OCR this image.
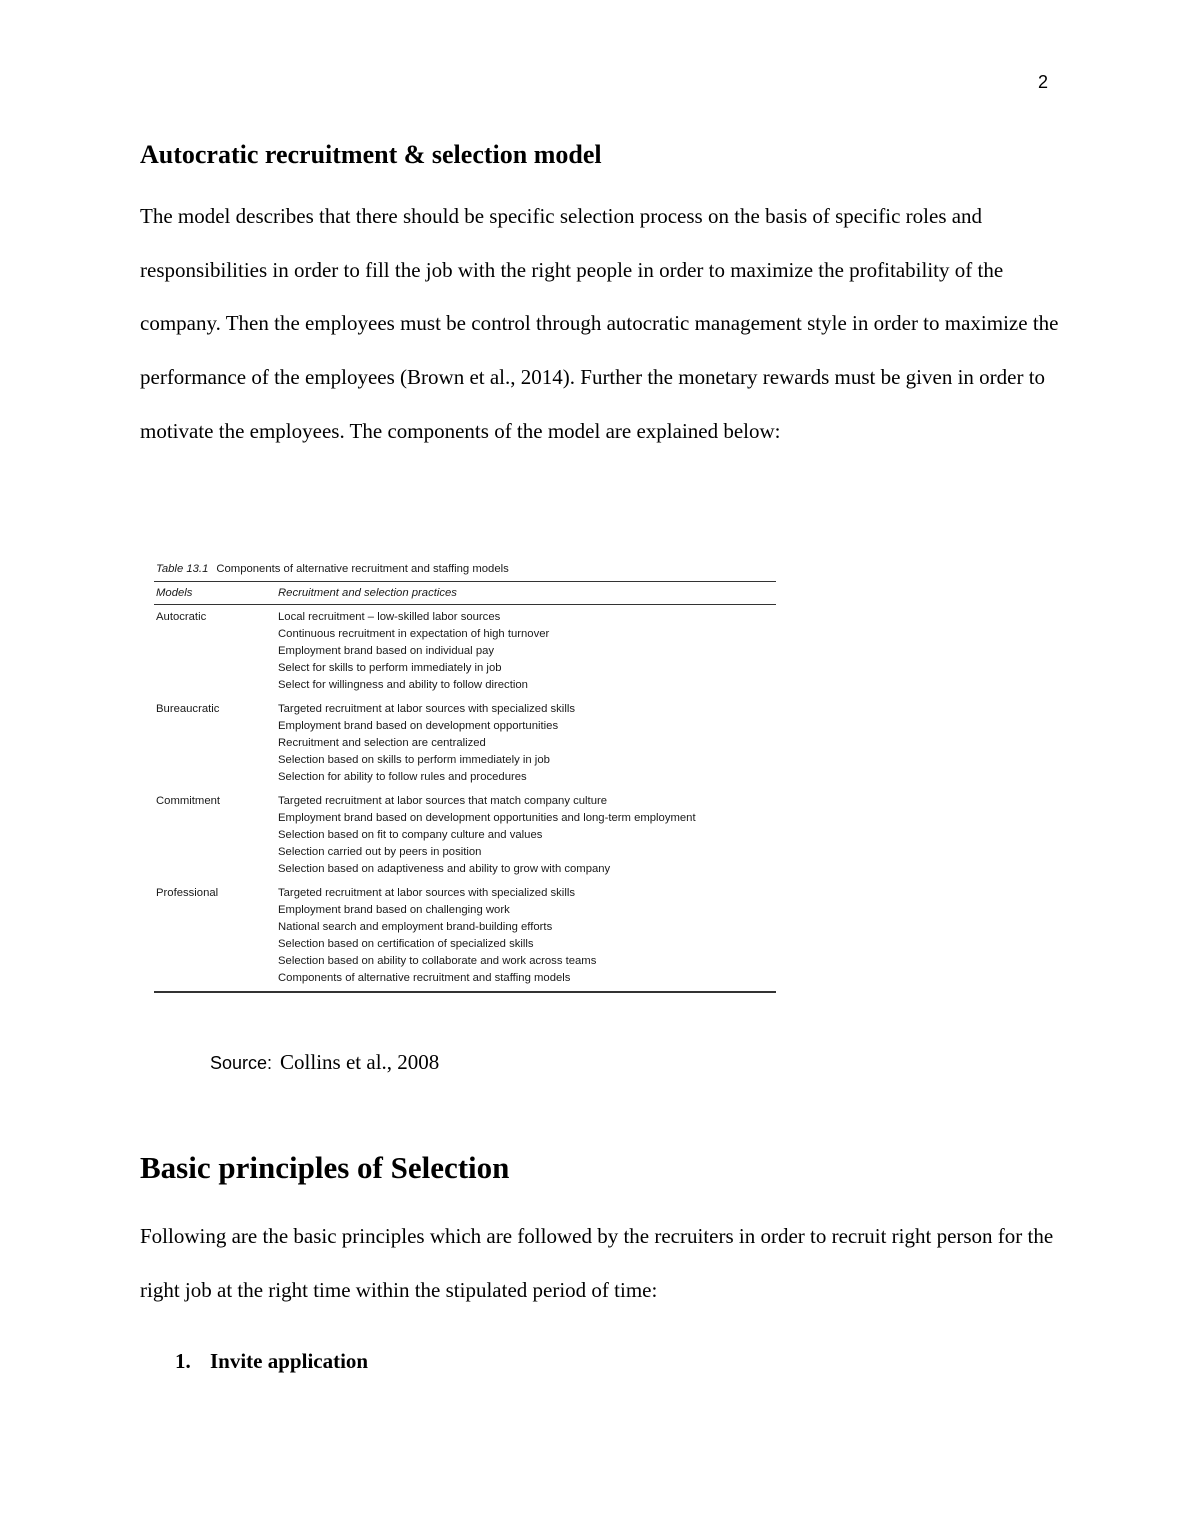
2
Autocratic recruitment & selection model

The model describes that there should be specific selection process on the basis of specific roles and responsibilities in order to fill the job with the right people in order to maximize the profitability of the company. Then the employees must be control through autocratic management style in order to maximize the performance of the employees (Brown et al., 2014). Further the monetary rewards must be given in order to motivate the employees. The components of the model are explained below:

Table 13.1 Components of alternative recruitment and staffing models
Models	Recruitment and selection practices
Autocratic	Local recruitment – low-skilled labor sources
Continuous recruitment in expectation of high turnover
Employment brand based on individual pay
Select for skills to perform immediately in job
Select for willingness and ability to follow direction
Bureaucratic	Targeted recruitment at labor sources with specialized skills
Employment brand based on development opportunities
Recruitment and selection are centralized
Selection based on skills to perform immediately in job
Selection for ability to follow rules and procedures
Commitment	Targeted recruitment at labor sources that match company culture
Employment brand based on development opportunities and long-term employment
Selection based on fit to company culture and values
Selection carried out by peers in position
Selection based on adaptiveness and ability to grow with company
Professional	Targeted recruitment at labor sources with specialized skills
Employment brand based on challenging work
National search and employment brand-building efforts
Selection based on certification of specialized skills
Selection based on ability to collaborate and work across teams
Components of alternative recruitment and staffing models
Source: Collins et al., 2008
Basic principles of Selection

Following are the basic principles which are followed by the recruiters in order to recruit right person for the right job at the right time within the stipulated period of time:

1. Invite application
